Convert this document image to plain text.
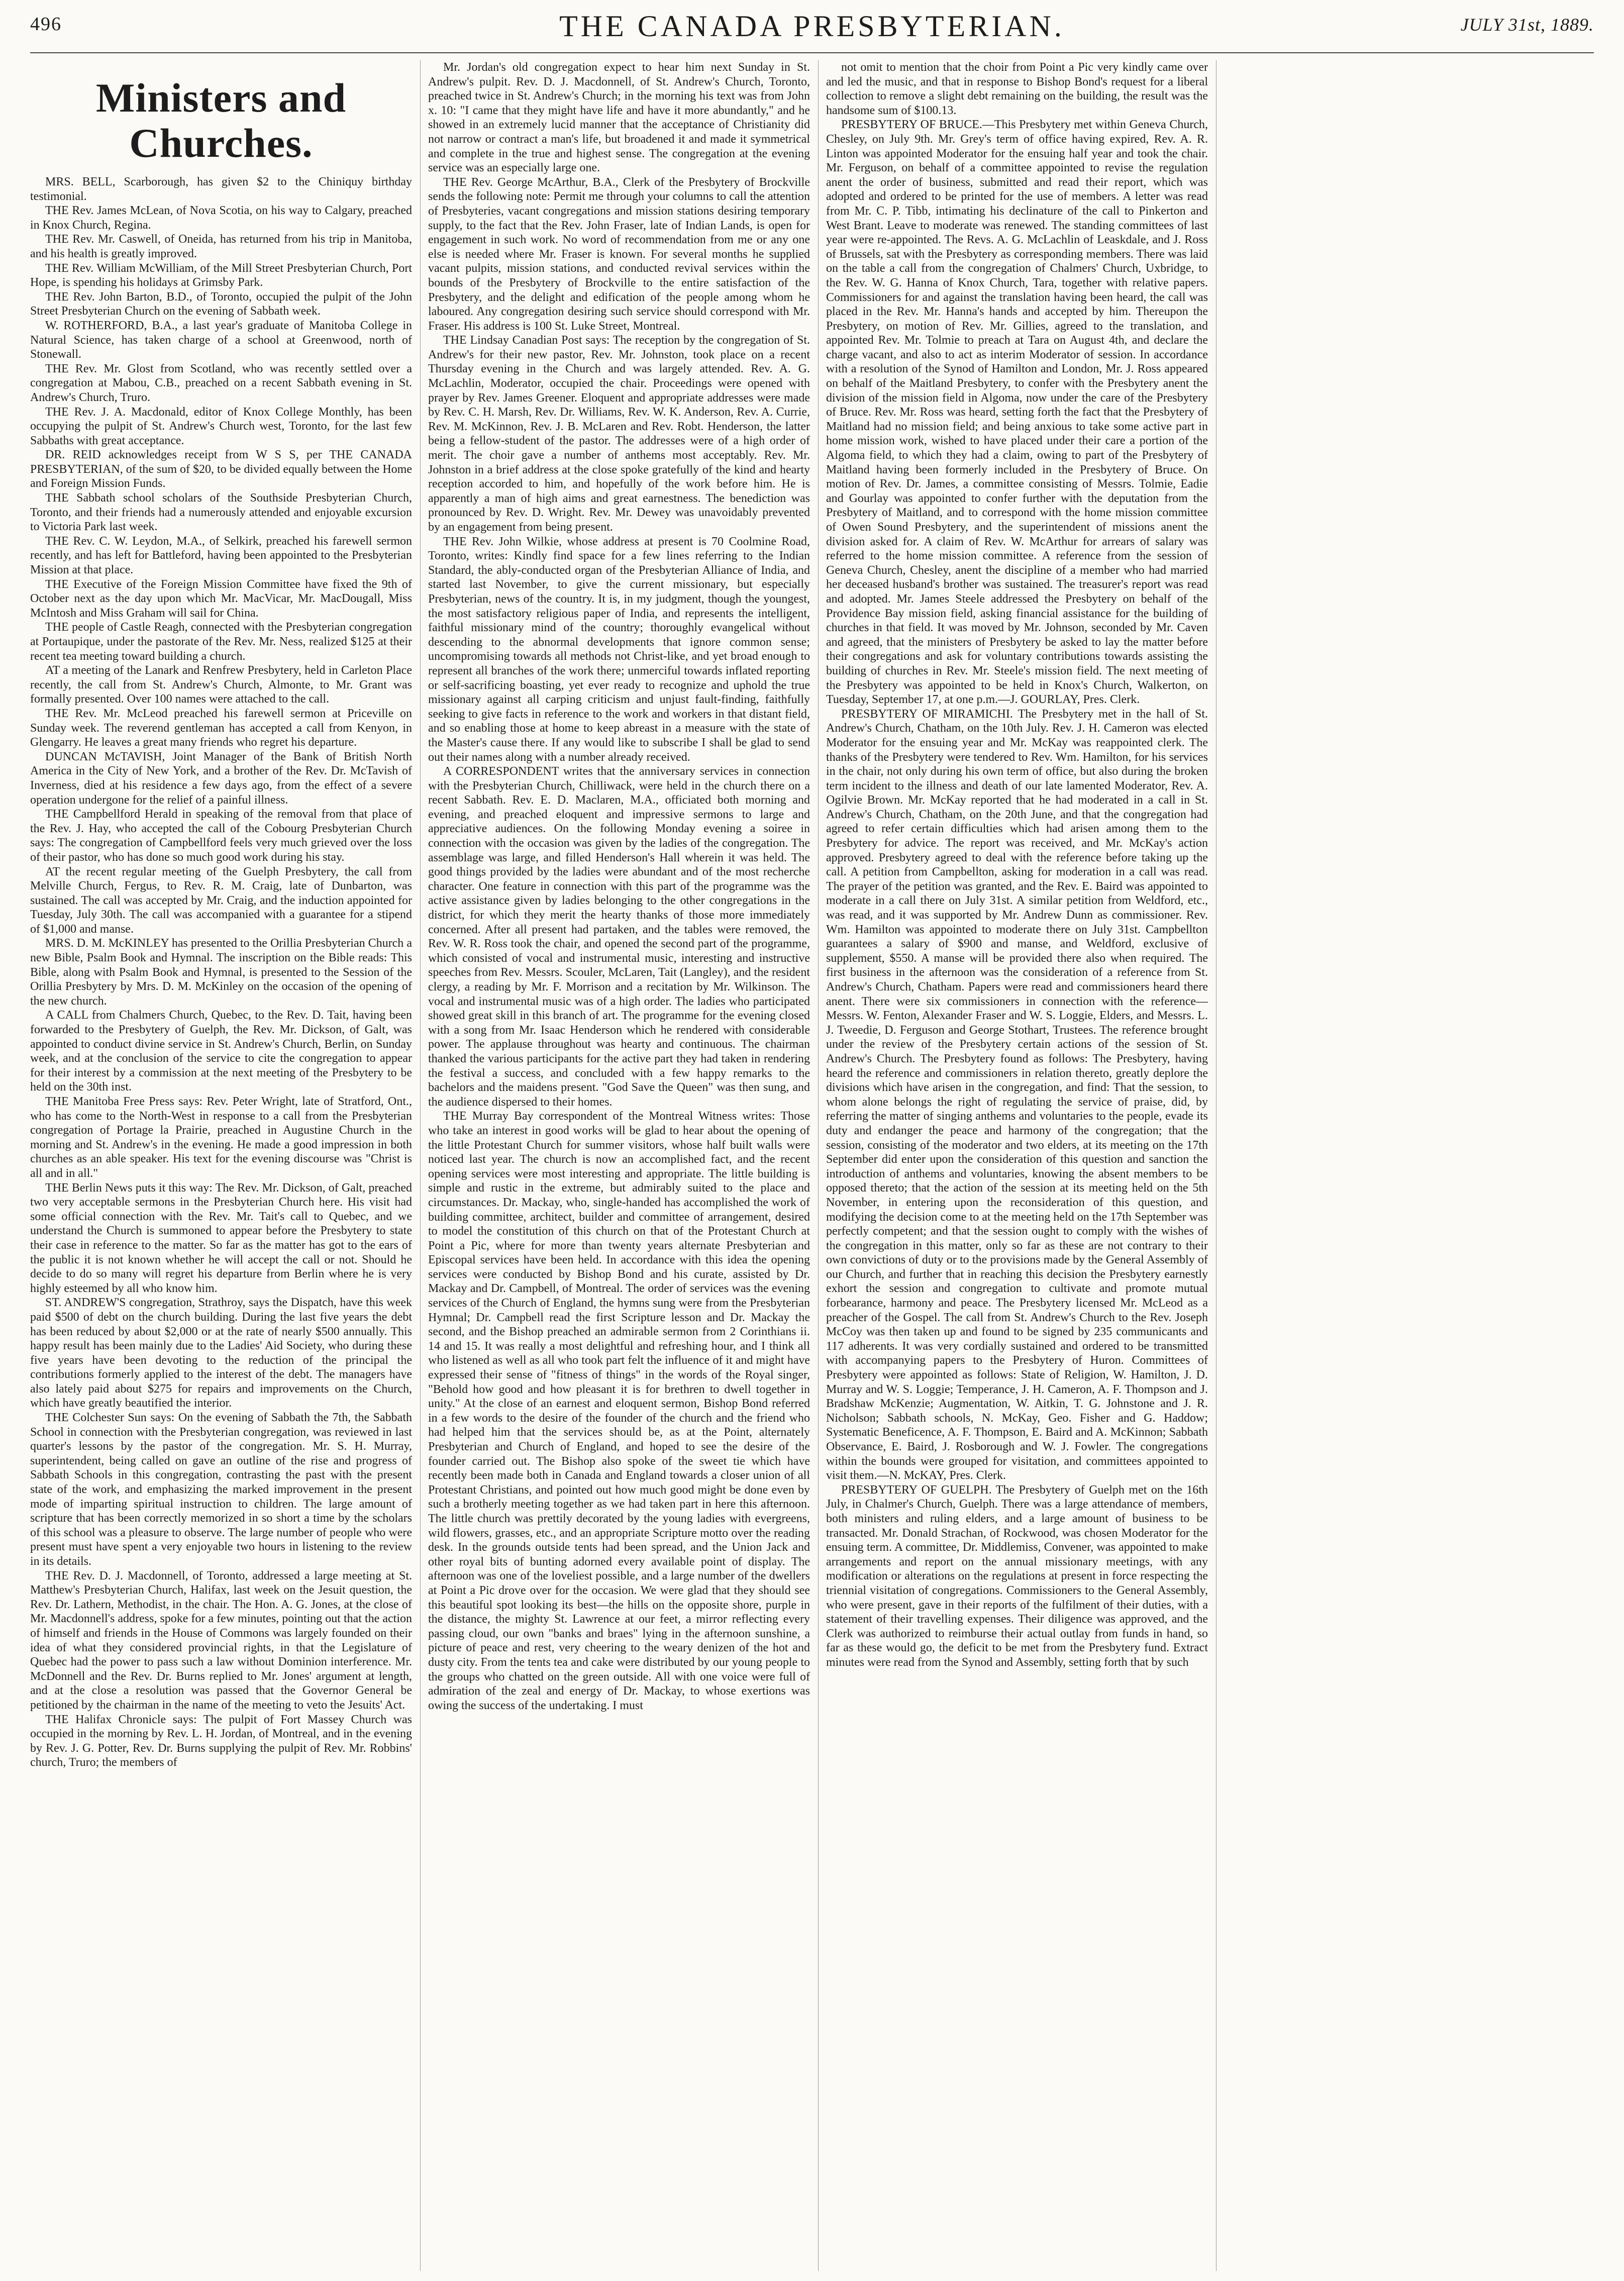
496	THE CANADA PRESBYTERIAN.	JULY 31st, 1889.
Ministers and Churches.

MRS. BELL, Scarborough, has given $2 to the Chiniquy birthday testimonial.

THE Rev. James McLean, of Nova Scotia, on his way to Calgary, preached in Knox Church, Regina.

THE Rev. Mr. Caswell, of Oneida, has returned from his trip in Manitoba, and his health is greatly improved.

THE Rev. William McWilliam, of the Mill Street Presbyterian Church, Port Hope, is spending his holidays at Grimsby Park.

THE Rev. John Barton, B.D., of Toronto, occupied the pulpit of the John Street Presbyterian Church on the evening of Sabbath week.

W. ROTHERFORD, B.A., a last year's graduate of Manitoba College in Natural Science, has taken charge of a school at Greenwood, north of Stonewall.

THE Rev. Mr. Glost from Scotland, who was recently settled over a congregation at Mabou, C.B., preached on a recent Sabbath evening in St. Andrew's Church, Truro.

THE Rev. J. A. Macdonald, editor of Knox College Monthly, has been occupying the pulpit of St. Andrew's Church west, Toronto, for the last few Sabbaths with great acceptance.

DR. REID acknowledges receipt from W S S, per THE CANADA PRESBYTERIAN, of the sum of $20, to be divided equally between the Home and Foreign Mission Funds.

THE Sabbath school scholars of the Southside Presbyterian Church, Toronto, and their friends had a numerously attended and enjoyable excursion to Victoria Park last week.

THE Rev. C. W. Leydon, M.A., of Selkirk, preached his farewell sermon recently, and has left for Battleford, having been appointed to the Presbyterian Mission at that place.

THE Executive of the Foreign Mission Committee have fixed the 9th of October next as the day upon which Mr. MacVicar, Mr. MacDougall, Miss McIntosh and Miss Graham will sail for China.

THE people of Castle Reagh, connected with the Presbyterian congregation at Portaupique, under the pastorate of the Rev. Mr. Ness, realized $125 at their recent tea meeting toward building a church.

AT a meeting of the Lanark and Renfrew Presbytery, held in Carleton Place recently, the call from St. Andrew's Church, Almonte, to Mr. Grant was formally presented. Over 100 names were attached to the call.

THE Rev. Mr. McLeod preached his farewell sermon at Priceville on Sunday week. The reverend gentleman has accepted a call from Kenyon, in Glengarry. He leaves a great many friends who regret his departure.

DUNCAN McTAVISH, Joint Manager of the Bank of British North America in the City of New York, and a brother of the Rev. Dr. McTavish of Inverness, died at his residence a few days ago, from the effect of a severe operation undergone for the relief of a painful illness.

THE Campbellford Herald in speaking of the removal from that place of the Rev. J. Hay, who accepted the call of the Cobourg Presbyterian Church says: The congregation of Campbellford feels very much grieved over the loss of their pastor, who has done so much good work during his stay.

AT the recent regular meeting of the Guelph Presbytery, the call from Melville Church, Fergus, to Rev. R. M. Craig, late of Dunbarton, was sustained. The call was accepted by Mr. Craig, and the induction appointed for Tuesday, July 30th. The call was accompanied with a guarantee for a stipend of $1,000 and manse.

MRS. D. M. McKINLEY has presented to the Orillia Presbyterian Church a new Bible, Psalm Book and Hymnal. The inscription on the Bible reads: This Bible, along with Psalm Book and Hymnal, is presented to the Session of the Orillia Presbytery by Mrs. D. M. McKinley on the occasion of the opening of the new church.

A CALL from Chalmers Church, Quebec, to the Rev. D. Tait, having been forwarded to the Presbytery of Guelph, the Rev. Mr. Dickson, of Galt, was appointed to conduct divine service in St. Andrew's Church, Berlin, on Sunday week, and at the conclusion of the service to cite the congregation to appear for their interest by a commission at the next meeting of the Presbytery to be held on the 30th inst.

THE Manitoba Free Press says: Rev. Peter Wright, late of Stratford, Ont., who has come to the North-West in response to a call from the Presbyterian congregation of Portage la Prairie, preached in Augustine Church in the morning and St. Andrew's in the evening. He made a good impression in both churches as an able speaker. His text for the evening discourse was "Christ is all and in all."

THE Berlin News puts it this way: The Rev. Mr. Dickson, of Galt, preached two very acceptable sermons in the Presbyterian Church here. His visit had some official connection with the Rev. Mr. Tait's call to Quebec, and we understand the Church is summoned to appear before the Presbytery to state their case in reference to the matter. So far as the matter has got to the ears of the public it is not known whether he will accept the call or not. Should he decide to do so many will regret his departure from Berlin where he is very highly esteemed by all who know him.

ST. ANDREW'S congregation, Strathroy, says the Dispatch, have this week paid $500 of debt on the church building. During the last five years the debt has been reduced by about $2,000 or at the rate of nearly $500 annually. This happy result has been mainly due to the Ladies' Aid Society, who during these five years have been devoting to the reduction of the principal the contributions formerly applied to the interest of the debt. The managers have also lately paid about $275 for repairs and improvements on the Church, which have greatly beautified the interior.

THE Colchester Sun says: On the evening of Sabbath the 7th, the Sabbath School in connection with the Presbyterian congregation, was reviewed in last quarter's lessons by the pastor of the congregation. Mr. S. H. Murray, superintendent, being called on gave an outline of the rise and progress of Sabbath Schools in this congregation, contrasting the past with the present state of the work, and emphasizing the marked improvement in the present mode of imparting spiritual instruction to children. The large amount of scripture that has been correctly memorized in so short a time by the scholars of this school was a pleasure to observe. The large number of people who were present must have spent a very enjoyable two hours in listening to the review in its details.

THE Rev. D. J. Macdonnell, of Toronto, addressed a large meeting at St. Matthew's Presbyterian Church, Halifax, last week on the Jesuit question, the Rev. Dr. Lathern, Methodist, in the chair. The Hon. A. G. Jones, at the close of Mr. Macdonnell's address, spoke for a few minutes, pointing out that the action of himself and friends in the House of Commons was largely founded on their idea of what they considered provincial rights, in that the Legislature of Quebec had the power to pass such a law without Dominion interference. Mr. McDonnell and the Rev. Dr. Burns replied to Mr. Jones' argument at length, and at the close a resolution was passed that the Governor General be petitioned by the chairman in the name of the meeting to veto the Jesuits' Act.

THE Halifax Chronicle says: The pulpit of Fort Massey Church was occupied in the morning by Rev. L. H. Jordan, of Montreal, and in the evening by Rev. J. G. Potter, Rev. Dr. Burns supplying the pulpit of Rev. Mr. Robbins' church, Truro; the members of

Mr. Jordan's old congregation expect to hear him next Sunday in St. Andrew's pulpit. Rev. D. J. Macdonnell, of St. Andrew's Church, Toronto, preached twice in St. Andrew's Church; in the morning his text was from John x. 10: "I came that they might have life and have it more abundantly," and he showed in an extremely lucid manner that the acceptance of Christianity did not narrow or contract a man's life, but broadened it and made it symmetrical and complete in the true and highest sense. The congregation at the evening service was an especially large one.

THE Rev. George McArthur, B.A., Clerk of the Presbytery of Brockville sends the following note: Permit me through your columns to call the attention of Presbyteries, vacant congregations and mission stations desiring temporary supply, to the fact that the Rev. John Fraser, late of Indian Lands, is open for engagement in such work. No word of recommendation from me or any one else is needed where Mr. Fraser is known. For several months he supplied vacant pulpits, mission stations, and conducted revival services within the bounds of the Presbytery of Brockville to the entire satisfaction of the Presbytery, and the delight and edification of the people among whom he laboured. Any congregation desiring such service should correspond with Mr. Fraser. His address is 100 St. Luke Street, Montreal.

THE Lindsay Canadian Post says: The reception by the congregation of St. Andrew's for their new pastor, Rev. Mr. Johnston, took place on a recent Thursday evening in the Church and was largely attended. Rev. A. G. McLachlin, Moderator, occupied the chair. Proceedings were opened with prayer by Rev. James Greener. Eloquent and appropriate addresses were made by Rev. C. H. Marsh, Rev. Dr. Williams, Rev. W. K. Anderson, Rev. A. Currie, Rev. M. McKinnon, Rev. J. B. McLaren and Rev. Robt. Henderson, the latter being a fellow-student of the pastor. The addresses were of a high order of merit. The choir gave a number of anthems most acceptably. Rev. Mr. Johnston in a brief address at the close spoke gratefully of the kind and hearty reception accorded to him, and hopefully of the work before him. He is apparently a man of high aims and great earnestness. The benediction was pronounced by Rev. D. Wright. Rev. Mr. Dewey was unavoidably prevented by an engagement from being present.

THE Rev. John Wilkie, whose address at present is 70 Coolmine Road, Toronto, writes: Kindly find space for a few lines referring to the Indian Standard, the ably-conducted organ of the Presbyterian Alliance of India, and started last November, to give the current missionary, but especially Presbyterian, news of the country. It is, in my judgment, though the youngest, the most satisfactory religious paper of India, and represents the intelligent, faithful missionary mind of the country; thoroughly evangelical without descending to the abnormal developments that ignore common sense; uncompromising towards all methods not Christ-like, and yet broad enough to represent all branches of the work there; unmerciful towards inflated reporting or self-sacrificing boasting, yet ever ready to recognize and uphold the true missionary against all carping criticism and unjust fault-finding, faithfully seeking to give facts in reference to the work and workers in that distant field, and so enabling those at home to keep abreast in a measure with the state of the Master's cause there. If any would like to subscribe I shall be glad to send out their names along with a number already received.

A CORRESPONDENT writes that the anniversary services in connection with the Presbyterian Church, Chilliwack, were held in the church there on a recent Sabbath. Rev. E. D. Maclaren, M.A., officiated both morning and evening, and preached eloquent and impressive sermons to large and appreciative audiences. On the following Monday evening a soiree in connection with the occasion was given by the ladies of the congregation. The assemblage was large, and filled Henderson's Hall wherein it was held. The good things provided by the ladies were abundant and of the most recherche character. One feature in connection with this part of the programme was the active assistance given by ladies belonging to the other congregations in the district, for which they merit the hearty thanks of those more immediately concerned. After all present had partaken, and the tables were removed, the Rev. W. R. Ross took the chair, and opened the second part of the programme, which consisted of vocal and instrumental music, interesting and instructive speeches from Rev. Messrs. Scouler, McLaren, Tait (Langley), and the resident clergy, a reading by Mr. F. Morrison and a recitation by Mr. Wilkinson. The vocal and instrumental music was of a high order. The ladies who participated showed great skill in this branch of art. The programme for the evening closed with a song from Mr. Isaac Henderson which he rendered with considerable power. The applause throughout was hearty and continuous. The chairman thanked the various participants for the active part they had taken in rendering the festival a success, and concluded with a few happy remarks to the bachelors and the maidens present. "God Save the Queen" was then sung, and the audience dispersed to their homes.

THE Murray Bay correspondent of the Montreal Witness writes: Those who take an interest in good works will be glad to hear about the opening of the little Protestant Church for summer visitors, whose half built walls were noticed last year. The church is now an accomplished fact, and the recent opening services were most interesting and appropriate. The little building is simple and rustic in the extreme, but admirably suited to the place and circumstances. Dr. Mackay, who, single-handed has accomplished the work of building committee, architect, builder and committee of arrangement, desired to model the constitution of this church on that of the Protestant Church at Point a Pic, where for more than twenty years alternate Presbyterian and Episcopal services have been held. In accordance with this idea the opening services were conducted by Bishop Bond and his curate, assisted by Dr. Mackay and Dr. Campbell, of Montreal. The order of services was the evening services of the Church of England, the hymns sung were from the Presbyterian Hymnal; Dr. Campbell read the first Scripture lesson and Dr. Mackay the second, and the Bishop preached an admirable sermon from 2 Corinthians ii. 14 and 15. It was really a most delightful and refreshing hour, and I think all who listened as well as all who took part felt the influence of it and might have expressed their sense of "fitness of things" in the words of the Royal singer, "Behold how good and how pleasant it is for brethren to dwell together in unity." At the close of an earnest and eloquent sermon, Bishop Bond referred in a few words to the desire of the founder of the church and the friend who had helped him that the services should be, as at the Point, alternately Presbyterian and Church of England, and hoped to see the desire of the founder carried out. The Bishop also spoke of the sweet tie which have recently been made both in Canada and England towards a closer union of all Protestant Christians, and pointed out how much good might be done even by such a brotherly meeting together as we had taken part in here this afternoon. The little church was prettily decorated by the young ladies with evergreens, wild flowers, grasses, etc., and an appropriate Scripture motto over the reading desk. In the grounds outside tents had been spread, and the Union Jack and other royal bits of bunting adorned every available point of display. The afternoon was one of the loveliest possible, and a large number of the dwellers at Point a Pic drove over for the occasion. We were glad that they should see this beautiful spot looking its best—the hills on the opposite shore, purple in the distance, the mighty St. Lawrence at our feet, a mirror reflecting every passing cloud, our own "banks and braes" lying in the afternoon sunshine, a picture of peace and rest, very cheering to the weary denizen of the hot and dusty city. From the tents tea and cake were distributed by our young people to the groups who chatted on the green outside. All with one voice were full of admiration of the zeal and energy of Dr. Mackay, to whose exertions was owing the success of the undertaking. I must

not omit to mention that the choir from Point a Pic very kindly came over and led the music, and that in response to Bishop Bond's request for a liberal collection to remove a slight debt remaining on the building, the result was the handsome sum of $100.13.

PRESBYTERY OF BRUCE.—This Presbytery met within Geneva Church, Chesley, on July 9th. Mr. Grey's term of office having expired, Rev. A. R. Linton was appointed Moderator for the ensuing half year and took the chair. Mr. Ferguson, on behalf of a committee appointed to revise the regulation anent the order of business, submitted and read their report, which was adopted and ordered to be printed for the use of members. A letter was read from Mr. C. P. Tibb, intimating his declinature of the call to Pinkerton and West Brant. Leave to moderate was renewed. The standing committees of last year were re-appointed. The Revs. A. G. McLachlin of Leaskdale, and J. Ross of Brussels, sat with the Presbytery as corresponding members. There was laid on the table a call from the congregation of Chalmers' Church, Uxbridge, to the Rev. W. G. Hanna of Knox Church, Tara, together with relative papers. Commissioners for and against the translation having been heard, the call was placed in the Rev. Mr. Hanna's hands and accepted by him. Thereupon the Presbytery, on motion of Rev. Mr. Gillies, agreed to the translation, and appointed Rev. Mr. Tolmie to preach at Tara on August 4th, and declare the charge vacant, and also to act as interim Moderator of session. In accordance with a resolution of the Synod of Hamilton and London, Mr. J. Ross appeared on behalf of the Maitland Presbytery, to confer with the Presbytery anent the division of the mission field in Algoma, now under the care of the Presbytery of Bruce. Rev. Mr. Ross was heard, setting forth the fact that the Presbytery of Maitland had no mission field; and being anxious to take some active part in home mission work, wished to have placed under their care a portion of the Algoma field, to which they had a claim, owing to part of the Presbytery of Maitland having been formerly included in the Presbytery of Bruce. On motion of Rev. Dr. James, a committee consisting of Messrs. Tolmie, Eadie and Gourlay was appointed to confer further with the deputation from the Presbytery of Maitland, and to correspond with the home mission committee of Owen Sound Presbytery, and the superintendent of missions anent the division asked for. A claim of Rev. W. McArthur for arrears of salary was referred to the home mission committee. A reference from the session of Geneva Church, Chesley, anent the discipline of a member who had married her deceased husband's brother was sustained. The treasurer's report was read and adopted. Mr. James Steele addressed the Presbytery on behalf of the Providence Bay mission field, asking financial assistance for the building of churches in that field. It was moved by Mr. Johnson, seconded by Mr. Caven and agreed, that the ministers of Presbytery be asked to lay the matter before their congregations and ask for voluntary contributions towards assisting the building of churches in Rev. Mr. Steele's mission field. The next meeting of the Presbytery was appointed to be held in Knox's Church, Walkerton, on Tuesday, September 17, at one p.m.—J. GOURLAY, Pres. Clerk.

PRESBYTERY OF MIRAMICHI. The Presbytery met in the hall of St. Andrew's Church, Chatham, on the 10th July. Rev. J. H. Cameron was elected Moderator for the ensuing year and Mr. McKay was reappointed clerk. The thanks of the Presbytery were tendered to Rev. Wm. Hamilton, for his services in the chair, not only during his own term of office, but also during the broken term incident to the illness and death of our late lamented Moderator, Rev. A. Ogilvie Brown. Mr. McKay reported that he had moderated in a call in St. Andrew's Church, Chatham, on the 20th June, and that the congregation had agreed to refer certain difficulties which had arisen among them to the Presbytery for advice. The report was received, and Mr. McKay's action approved. Presbytery agreed to deal with the reference before taking up the call. A petition from Campbellton, asking for moderation in a call was read. The prayer of the petition was granted, and the Rev. E. Baird was appointed to moderate in a call there on July 31st. A similar petition from Weldford, etc., was read, and it was supported by Mr. Andrew Dunn as commissioner. Rev. Wm. Hamilton was appointed to moderate there on July 31st. Campbellton guarantees a salary of $900 and manse, and Weldford, exclusive of supplement, $550. A manse will be provided there also when required. The first business in the afternoon was the consideration of a reference from St. Andrew's Church, Chatham. Papers were read and commissioners heard there anent. There were six commissioners in connection with the reference—Messrs. W. Fenton, Alexander Fraser and W. S. Loggie, Elders, and Messrs. L. J. Tweedie, D. Ferguson and George Stothart, Trustees. The reference brought under the review of the Presbytery certain actions of the session of St. Andrew's Church. The Presbytery found as follows: The Presbytery, having heard the reference and commissioners in relation thereto, greatly deplore the divisions which have arisen in the congregation, and find: That the session, to whom alone belongs the right of regulating the service of praise, did, by referring the matter of singing anthems and voluntaries to the people, evade its duty and endanger the peace and harmony of the congregation; that the session, consisting of the moderator and two elders, at its meeting on the 17th September did enter upon the consideration of this question and sanction the introduction of anthems and voluntaries, knowing the absent members to be opposed thereto; that the action of the session at its meeting held on the 5th November, in entering upon the reconsideration of this question, and modifying the decision come to at the meeting held on the 17th September was perfectly competent; and that the session ought to comply with the wishes of the congregation in this matter, only so far as these are not contrary to their own convictions of duty or to the provisions made by the General Assembly of our Church, and further that in reaching this decision the Presbytery earnestly exhort the session and congregation to cultivate and promote mutual forbearance, harmony and peace. The Presbytery licensed Mr. McLeod as a preacher of the Gospel. The call from St. Andrew's Church to the Rev. Joseph McCoy was then taken up and found to be signed by 235 communicants and 117 adherents. It was very cordially sustained and ordered to be transmitted with accompanying papers to the Presbytery of Huron. Committees of Presbytery were appointed as follows: State of Religion, W. Hamilton, J. D. Murray and W. S. Loggie; Temperance, J. H. Cameron, A. F. Thompson and J. Bradshaw McKenzie; Augmentation, W. Aitkin, T. G. Johnstone and J. R. Nicholson; Sabbath schools, N. McKay, Geo. Fisher and G. Haddow; Systematic Beneficence, A. F. Thompson, E. Baird and A. McKinnon; Sabbath Observance, E. Baird, J. Rosborough and W. J. Fowler. The congregations within the bounds were grouped for visitation, and committees appointed to visit them.—N. McKAY, Pres. Clerk.

PRESBYTERY OF GUELPH. The Presbytery of Guelph met on the 16th July, in Chalmer's Church, Guelph. There was a large attendance of members, both ministers and ruling elders, and a large amount of business to be transacted. Mr. Donald Strachan, of Rockwood, was chosen Moderator for the ensuing term. A committee, Dr. Middlemiss, Convener, was appointed to make arrangements and report on the annual missionary meetings, with any modification or alterations on the regulations at present in force respecting the triennial visitation of congregations. Commissioners to the General Assembly, who were present, gave in their reports of the fulfilment of their duties, with a statement of their travelling expenses. Their diligence was approved, and the Clerk was authorized to reimburse their actual outlay from funds in hand, so far as these would go, the deficit to be met from the Presbytery fund. Extract minutes were read from the Synod and Assembly, setting forth that by such
